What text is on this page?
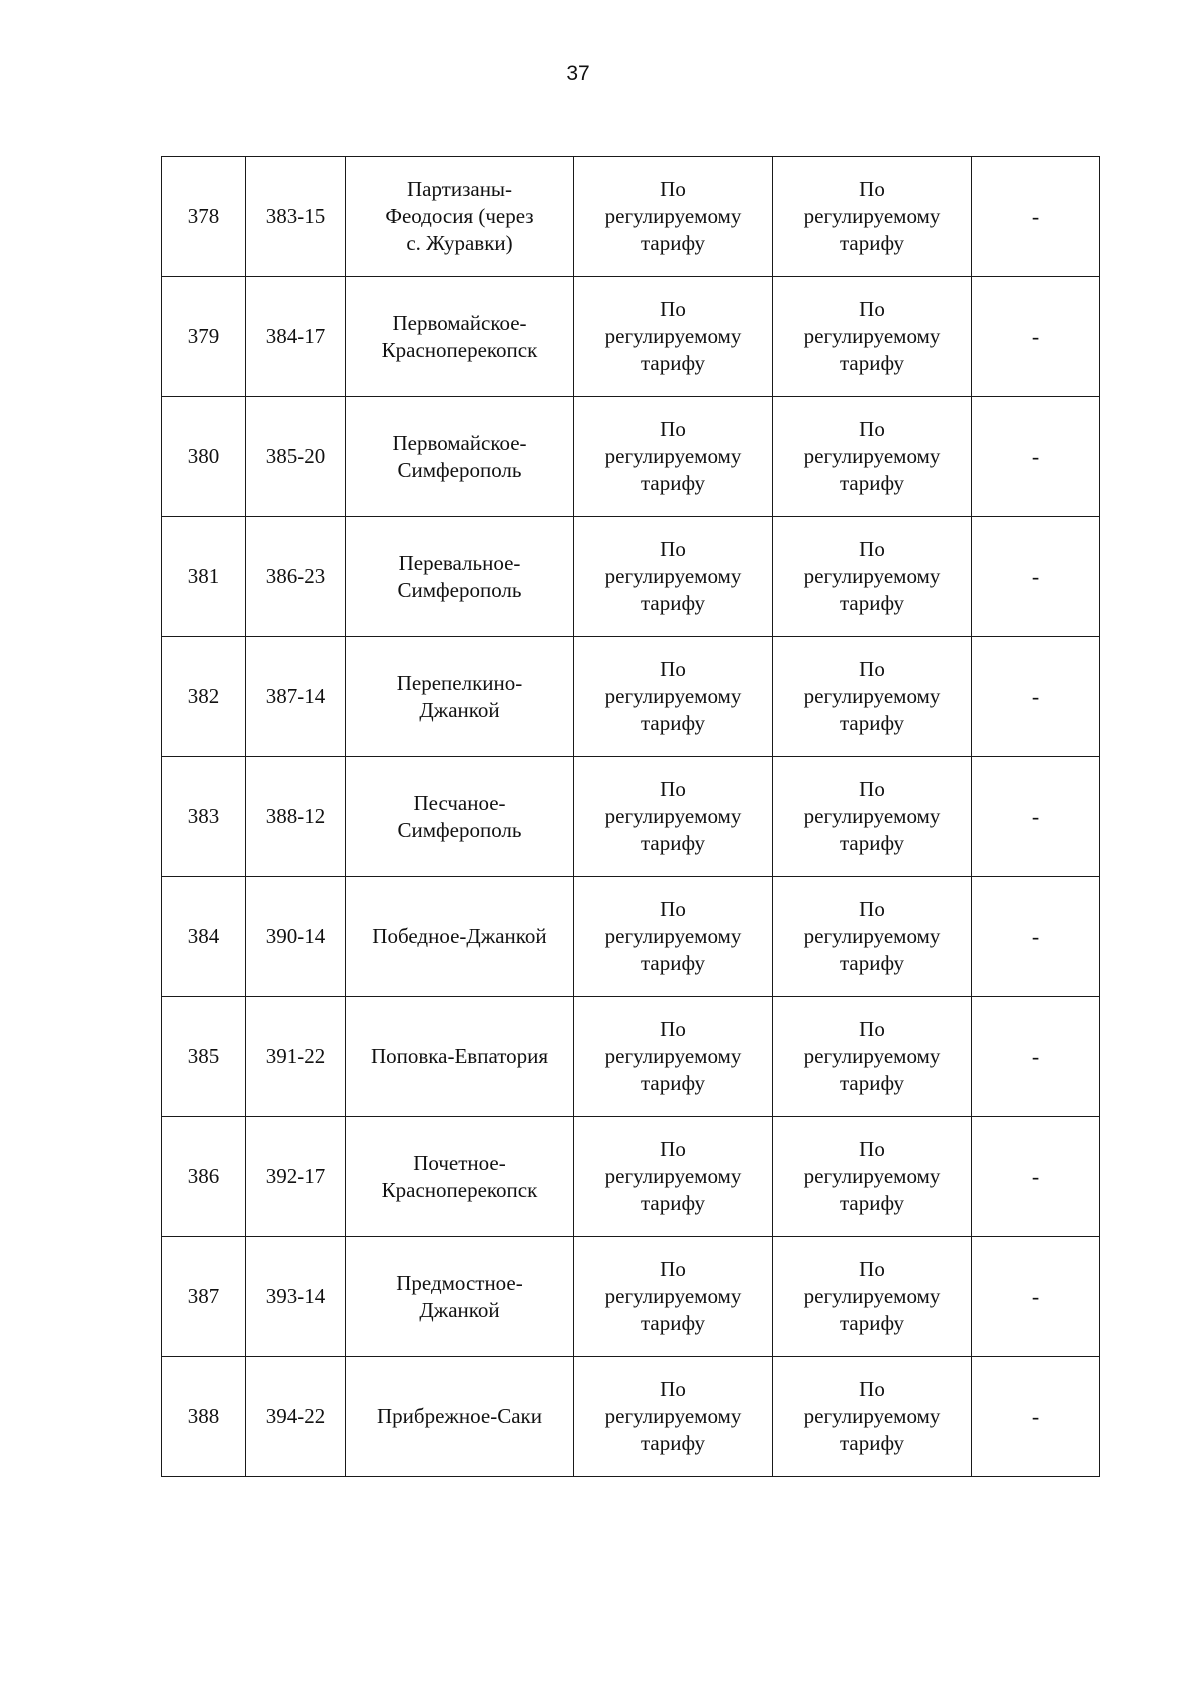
37
378	383-15	Партизаны-
Феодосия (через
с. Журавки)	По
регулируемому
тарифу	По
регулируемому
тарифу	-
379	384-17	Первомайское-
Красноперекопск	По
регулируемому
тарифу	По
регулируемому
тарифу	-
380	385-20	Первомайское-
Симферополь	По
регулируемому
тарифу	По
регулируемому
тарифу	-
381	386-23	Перевальное-
Симферополь	По
регулируемому
тарифу	По
регулируемому
тарифу	-
382	387-14	Перепелкино-
Джанкой	По
регулируемому
тарифу	По
регулируемому
тарифу	-
383	388-12	Песчаное-
Симферополь	По
регулируемому
тарифу	По
регулируемому
тарифу	-
384	390-14	Победное-Джанкой	По
регулируемому
тарифу	По
регулируемому
тарифу	-
385	391-22	Поповка-Евпатория	По
регулируемому
тарифу	По
регулируемому
тарифу	-
386	392-17	Почетное-
Красноперекопск	По
регулируемому
тарифу	По
регулируемому
тарифу	-
387	393-14	Предмостное-
Джанкой	По
регулируемому
тарифу	По
регулируемому
тарифу	-
388	394-22	Прибрежное-Саки	По
регулируемому
тарифу	По
регулируемому
тарифу	-
